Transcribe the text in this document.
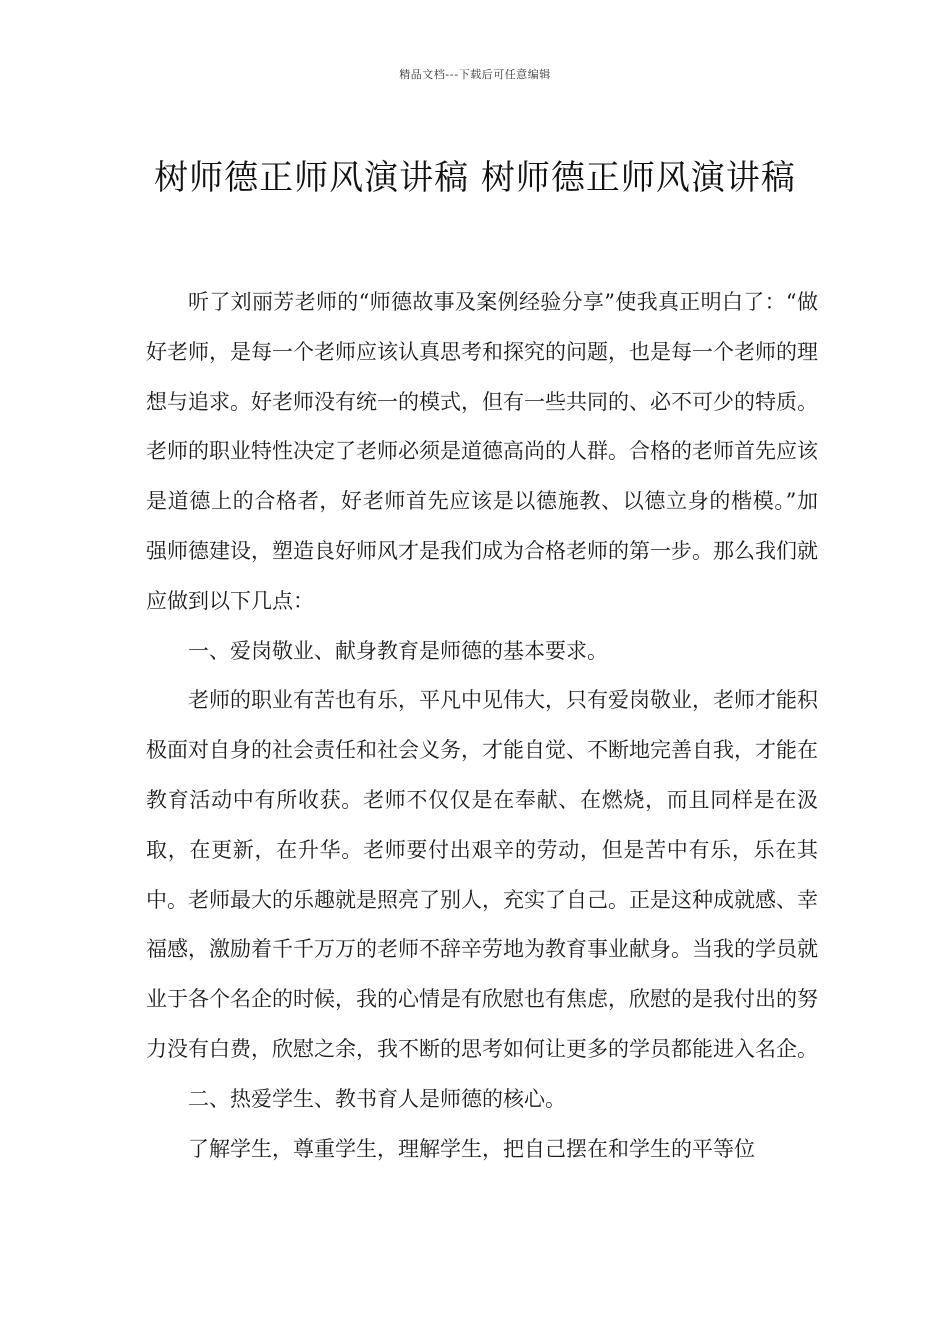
精品文档---下载后可任意编辑
树师德正师风演讲稿 树师德正师风演讲稿

听了刘丽芳老师的“师德故事及案例经验分享”使我真正明白了：“做好老师，是每一个老师应该认真思考和探究的问题，也是每一个老师的理想与追求。好老师没有统一的模式，但有一些共同的、必不可少的特质。老师的职业特性决定了老师必须是道德高尚的人群。合格的老师首先应该是道德上的合格者，好老师首先应该是以德施教、以德立身的楷模。”加强师德建设，塑造良好师风才是我们成为合格老师的第一步。那么我们就应做到以下几点：

一、爱岗敬业、献身教育是师德的基本要求。

老师的职业有苦也有乐，平凡中见伟大，只有爱岗敬业，老师才能积极面对自身的社会责任和社会义务，才能自觉、不断地完善自我，才能在教育活动中有所收获。老师不仅仅是在奉献、在燃烧，而且同样是在汲取，在更新，在升华。老师要付出艰辛的劳动，但是苦中有乐，乐在其中。老师最大的乐趣就是照亮了别人，充实了自己。正是这种成就感、幸福感，激励着千千万万的老师不辞辛劳地为教育事业献身。当我的学员就业于各个名企的时候，我的心情是有欣慰也有焦虑，欣慰的是我付出的努力没有白费，欣慰之余，我不断的思考如何让更多的学员都能进入名企。

二、热爱学生、教书育人是师德的核心。

了解学生，尊重学生，理解学生，把自己摆在和学生的平等位
